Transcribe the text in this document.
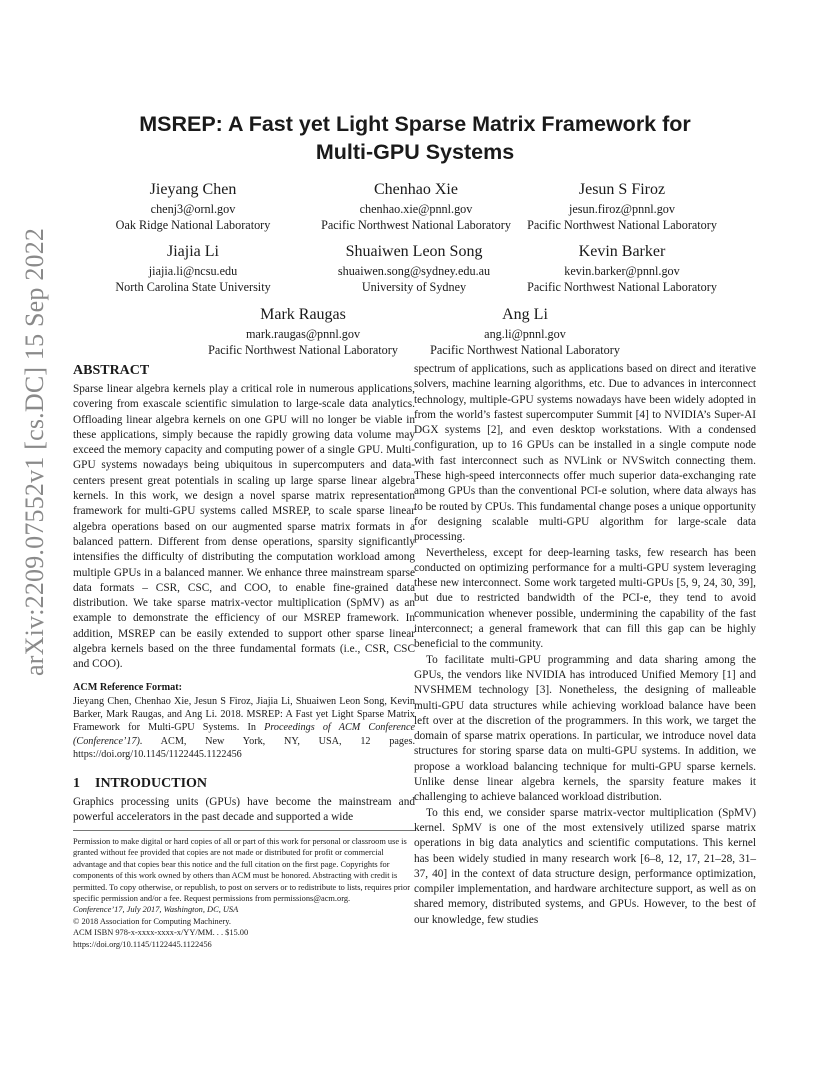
arXiv:2209.07552v1 [cs.DC] 15 Sep 2022
MSREP: A Fast yet Light Sparse Matrix Framework for
Multi-GPU Systems
Jieyang Chen
chenj3@ornl.gov
Oak Ridge National Laboratory
Chenhao Xie
chenhao.xie@pnnl.gov
Pacific Northwest National Laboratory
Jesun S Firoz
jesun.firoz@pnnl.gov
Pacific Northwest National Laboratory
Jiajia Li
jiajia.li@ncsu.edu
North Carolina State University
Shuaiwen Leon Song
shuaiwen.song@sydney.edu.au
University of Sydney
Kevin Barker
kevin.barker@pnnl.gov
Pacific Northwest National Laboratory
Mark Raugas
mark.raugas@pnnl.gov
Pacific Northwest National Laboratory
Ang Li
ang.li@pnnl.gov
Pacific Northwest National Laboratory
ABSTRACT

Sparse linear algebra kernels play a critical role in numerous applications, covering from exascale scientific simulation to large-scale data analytics. Offloading linear algebra kernels on one GPU will no longer be viable in these applications, simply because the rapidly growing data volume may exceed the memory capacity and computing power of a single GPU. Multi-GPU systems nowadays being ubiquitous in supercomputers and data-centers present great potentials in scaling up large sparse linear algebra kernels. In this work, we design a novel sparse matrix representation framework for multi-GPU systems called MSREP, to scale sparse linear algebra operations based on our augmented sparse matrix formats in a balanced pattern. Different from dense operations, sparsity significantly intensifies the difficulty of distributing the computation workload among multiple GPUs in a balanced manner. We enhance three mainstream sparse data formats – CSR, CSC, and COO, to enable fine-grained data distribution. We take sparse matrix-vector multiplication (SpMV) as an example to demonstrate the efficiency of our MSREP framework. In addition, MSREP can be easily extended to support other sparse linear algebra kernels based on the three fundamental formats (i.e., CSR, CSC and COO).

ACM Reference Format:

Jieyang Chen, Chenhao Xie, Jesun S Firoz, Jiajia Li, Shuaiwen Leon Song, Kevin Barker, Mark Raugas, and Ang Li. 2018. MSREP: A Fast yet Light Sparse Matrix Framework for Multi-GPU Systems. In Proceedings of ACM Conference (Conference’17). ACM, New York, NY, USA, 12 pages. https://doi.org/10.1145/1122445.1122456

1 INTRODUCTION

Graphics processing units (GPUs) have become the mainstream and powerful accelerators in the past decade and supported a wide

spectrum of applications, such as applications based on direct and iterative solvers, machine learning algorithms, etc. Due to advances in interconnect technology, multiple-GPU systems nowadays have been widely adopted in from the world’s fastest supercomputer Summit [4] to NVIDIA’s Super-AI DGX systems [2], and even desktop workstations. With a condensed configuration, up to 16 GPUs can be installed in a single compute node with fast interconnect such as NVLink or NVSwitch connecting them. These high-speed interconnects offer much superior data-exchanging rate among GPUs than the conventional PCI-e solution, where data always has to be routed by CPUs. This fundamental change poses a unique opportunity for designing scalable multi-GPU algorithm for large-scale data processing.

Nevertheless, except for deep-learning tasks, few research has been conducted on optimizing performance for a multi-GPU system leveraging these new interconnect. Some work targeted multi-GPUs [5, 9, 24, 30, 39], but due to restricted bandwidth of the PCI-e, they tend to avoid communication whenever possible, undermining the capability of the fast interconnect; a general framework that can fill this gap can be highly beneficial to the community.

To facilitate multi-GPU programming and data sharing among the GPUs, the vendors like NVIDIA has introduced Unified Memory [1] and NVSHMEM technology [3]. Nonetheless, the designing of malleable multi-GPU data structures while achieving workload balance have been left over at the discretion of the programmers. In this work, we target the domain of sparse matrix operations. In particular, we introduce novel data structures for storing sparse data on multi-GPU systems. In addition, we propose a workload balancing technique for multi-GPU sparse kernels. Unlike dense linear algebra kernels, the sparsity feature makes it challenging to achieve balanced workload distribution.

To this end, we consider sparse matrix-vector multiplication (SpMV) kernel. SpMV is one of the most extensively utilized sparse matrix operations in big data analytics and scientific computations. This kernel has been widely studied in many research work [6–8, 12, 17, 21–28, 31–37, 40] in the context of data structure design, performance optimization, compiler implementation, and hardware architecture support, as well as on shared memory, distributed systems, and GPUs. However, to the best of our knowledge, few studies

Permission to make digital or hard copies of all or part of this work for personal or classroom use is granted without fee provided that copies are not made or distributed for profit or commercial advantage and that copies bear this notice and the full citation on the first page. Copyrights for components of this work owned by others than ACM must be honored. Abstracting with credit is permitted. To copy otherwise, or republish, to post on servers or to redistribute to lists, requires prior specific permission and/or a fee. Request permissions from permissions@acm.org.

Conference’17, July 2017, Washington, DC, USA

© 2018 Association for Computing Machinery.

ACM ISBN 978-x-xxxx-xxxx-x/YY/MM. . . $15.00

https://doi.org/10.1145/1122445.1122456
